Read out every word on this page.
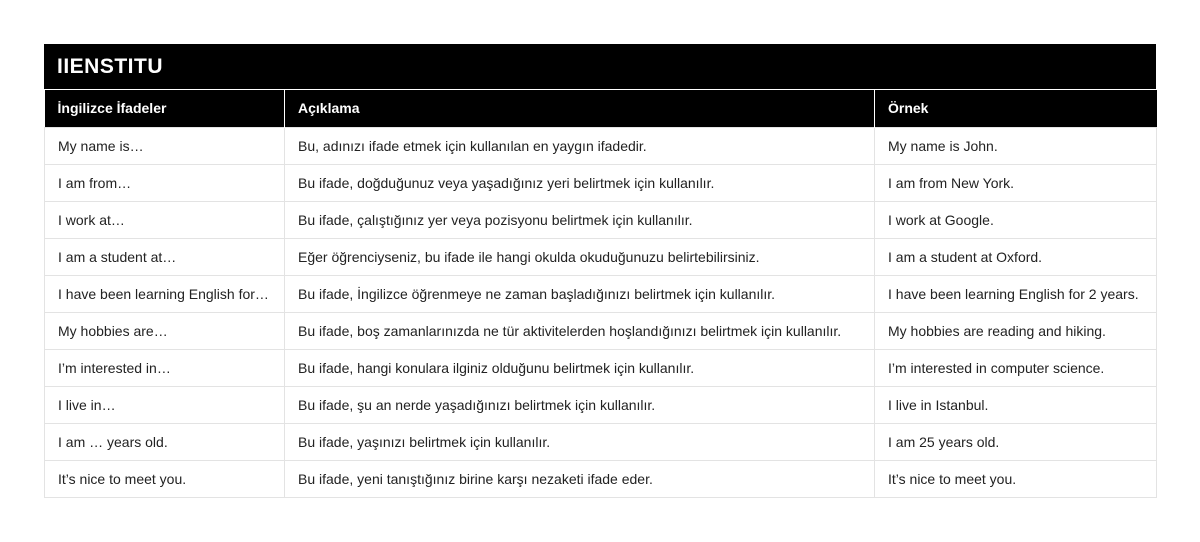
IIENSTITU
İngilizce İfadeler	Açıklama	Örnek
My name is…	Bu, adınızı ifade etmek için kullanılan en yaygın ifadedir.	My name is John.
I am from…	Bu ifade, doğduğunuz veya yaşadığınız yeri belirtmek için kullanılır.	I am from New York.
I work at…	Bu ifade, çalıştığınız yer veya pozisyonu belirtmek için kullanılır.	I work at Google.
I am a student at…	Eğer öğrenciyseniz, bu ifade ile hangi okulda okuduğunuzu belirtebilirsiniz.	I am a student at Oxford.
I have been learning English for…	Bu ifade, İngilizce öğrenmeye ne zaman başladığınızı belirtmek için kullanılır.	I have been learning English for 2 years.
My hobbies are…	Bu ifade, boş zamanlarınızda ne tür aktivitelerden hoşlandığınızı belirtmek için kullanılır.	My hobbies are reading and hiking.
I’m interested in…	Bu ifade, hangi konulara ilginiz olduğunu belirtmek için kullanılır.	I’m interested in computer science.
I live in…	Bu ifade, şu an nerde yaşadığınızı belirtmek için kullanılır.	I live in Istanbul.
I am … years old.	Bu ifade, yaşınızı belirtmek için kullanılır.	I am 25 years old.
It’s nice to meet you.	Bu ifade, yeni tanıştığınız birine karşı nezaketi ifade eder.	It’s nice to meet you.
